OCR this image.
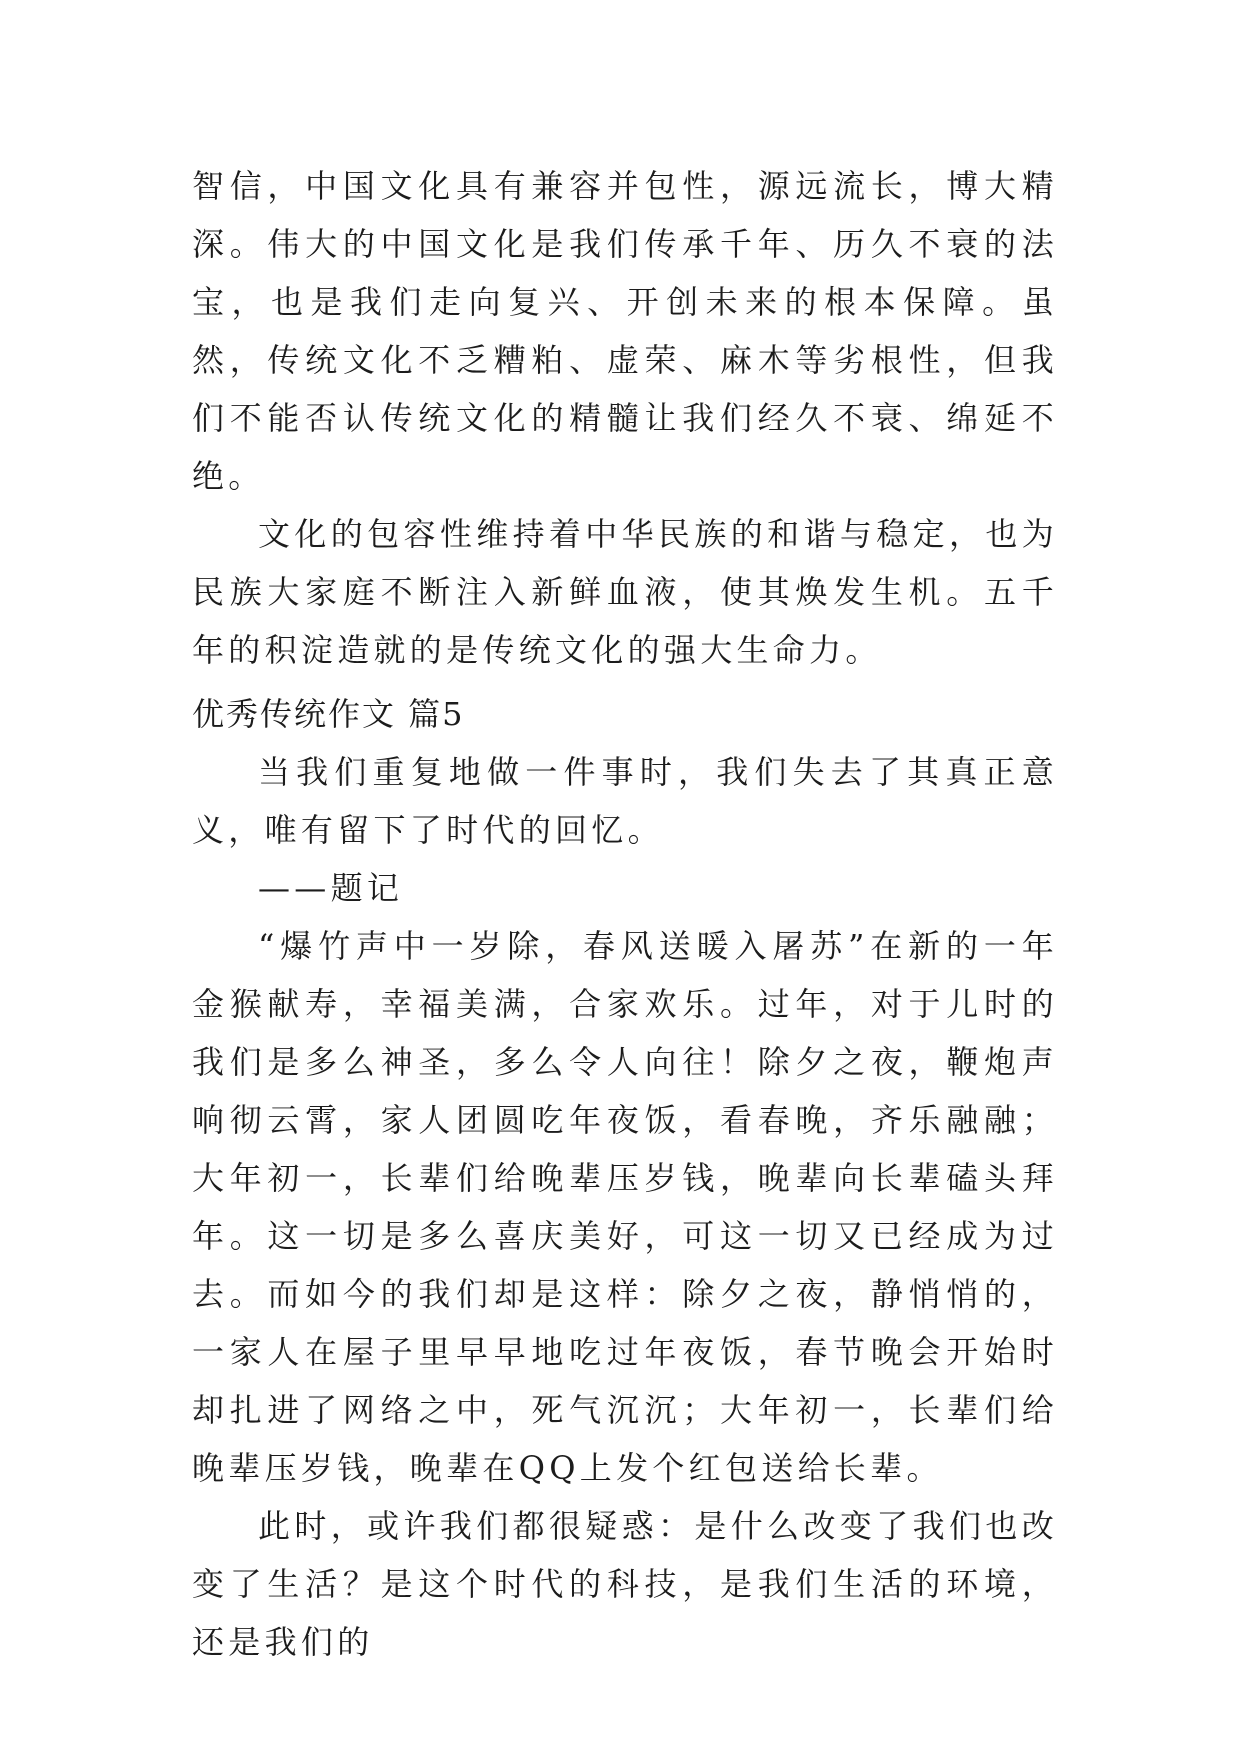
智信，中国文化具有兼容并包性，源远流长，博大精深。伟大的中国文化是我们传承千年、历久不衰的法宝，也是我们走向复兴、开创未来的根本保障。虽然，传统文化不乏糟粕、虚荣、麻木等劣根性，但我们不能否认传统文化的精髓让我们经久不衰、绵延不绝。

文化的包容性维持着中华民族的和谐与稳定，也为民族大家庭不断注入新鲜血液，使其焕发生机。五千年的积淀造就的是传统文化的强大生命力。

优秀传统作文 篇5

当我们重复地做一件事时，我们失去了其真正意义，唯有留下了时代的回忆。

——题记

“爆竹声中一岁除，春风送暖入屠苏”在新的一年金猴献寿，幸福美满，合家欢乐。过年，对于儿时的我们是多么神圣，多么令人向往！除夕之夜，鞭炮声响彻云霄，家人团圆吃年夜饭，看春晚，齐乐融融；大年初一，长辈们给晚辈压岁钱，晚辈向长辈磕头拜年。这一切是多么喜庆美好，可这一切又已经成为过去。而如今的我们却是这样：除夕之夜，静悄悄的，一家人在屋子里早早地吃过年夜饭，春节晚会开始时却扎进了网络之中，死气沉沉；大年初一，长辈们给晚辈压岁钱，晚辈在QQ上发个红包送给长辈。

此时，或许我们都很疑惑：是什么改变了我们也改变了生活？是这个时代的科技，是我们生活的环境，还是我们的
